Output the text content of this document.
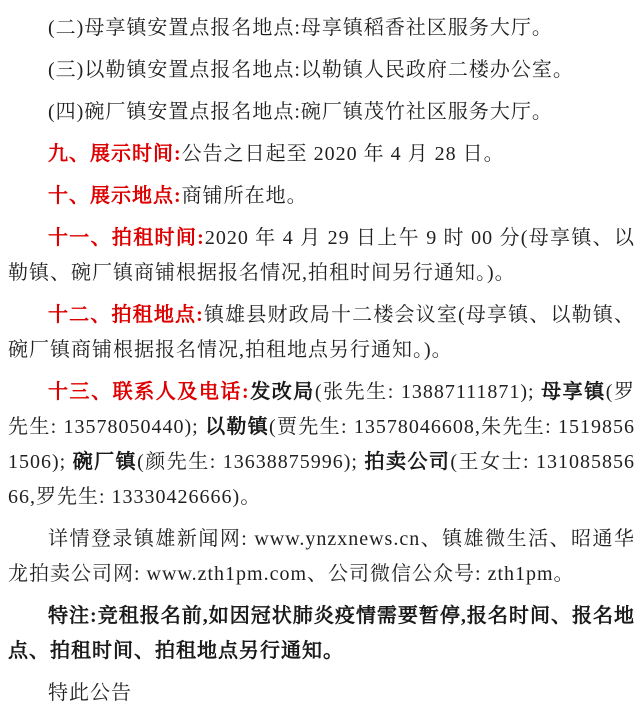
(二)母享镇安置点报名地点:母享镇稻香社区服务大厅。

(三)以勒镇安置点报名地点:以勒镇人民政府二楼办公室。

(四)碗厂镇安置点报名地点:碗厂镇茂竹社区服务大厅。

九、展示时间:公告之日起至 2020 年 4 月 28 日。

十、展示地点:商铺所在地。

十一、拍租时间:2020 年 4 月 29 日上午 9 时 00 分(母享镇、以勒镇、碗厂镇商铺根据报名情况,拍租时间另行通知。)。

十二、拍租地点:镇雄县财政局十二楼会议室(母享镇、以勒镇、碗厂镇商铺根据报名情况,拍租地点另行通知。)。

十三、联系人及电话:发改局(张先生: 13887111871); 母享镇(罗先生: 13578050440); 以勒镇(贾先生: 13578046608,朱先生: 15198561506); 碗厂镇(颜先生: 13638875996); 拍卖公司(王女士: 13108585666,罗先生: 13330426666)。

详情登录镇雄新闻网: www.ynzxnews.cn、镇雄微生活、昭通华龙拍卖公司网: www.zth1pm.com、公司微信公众号: zth1pm。

特注:竞租报名前,如因冠状肺炎疫情需要暂停,报名时间、报名地点、拍租时间、拍租地点另行通知。

特此公告
